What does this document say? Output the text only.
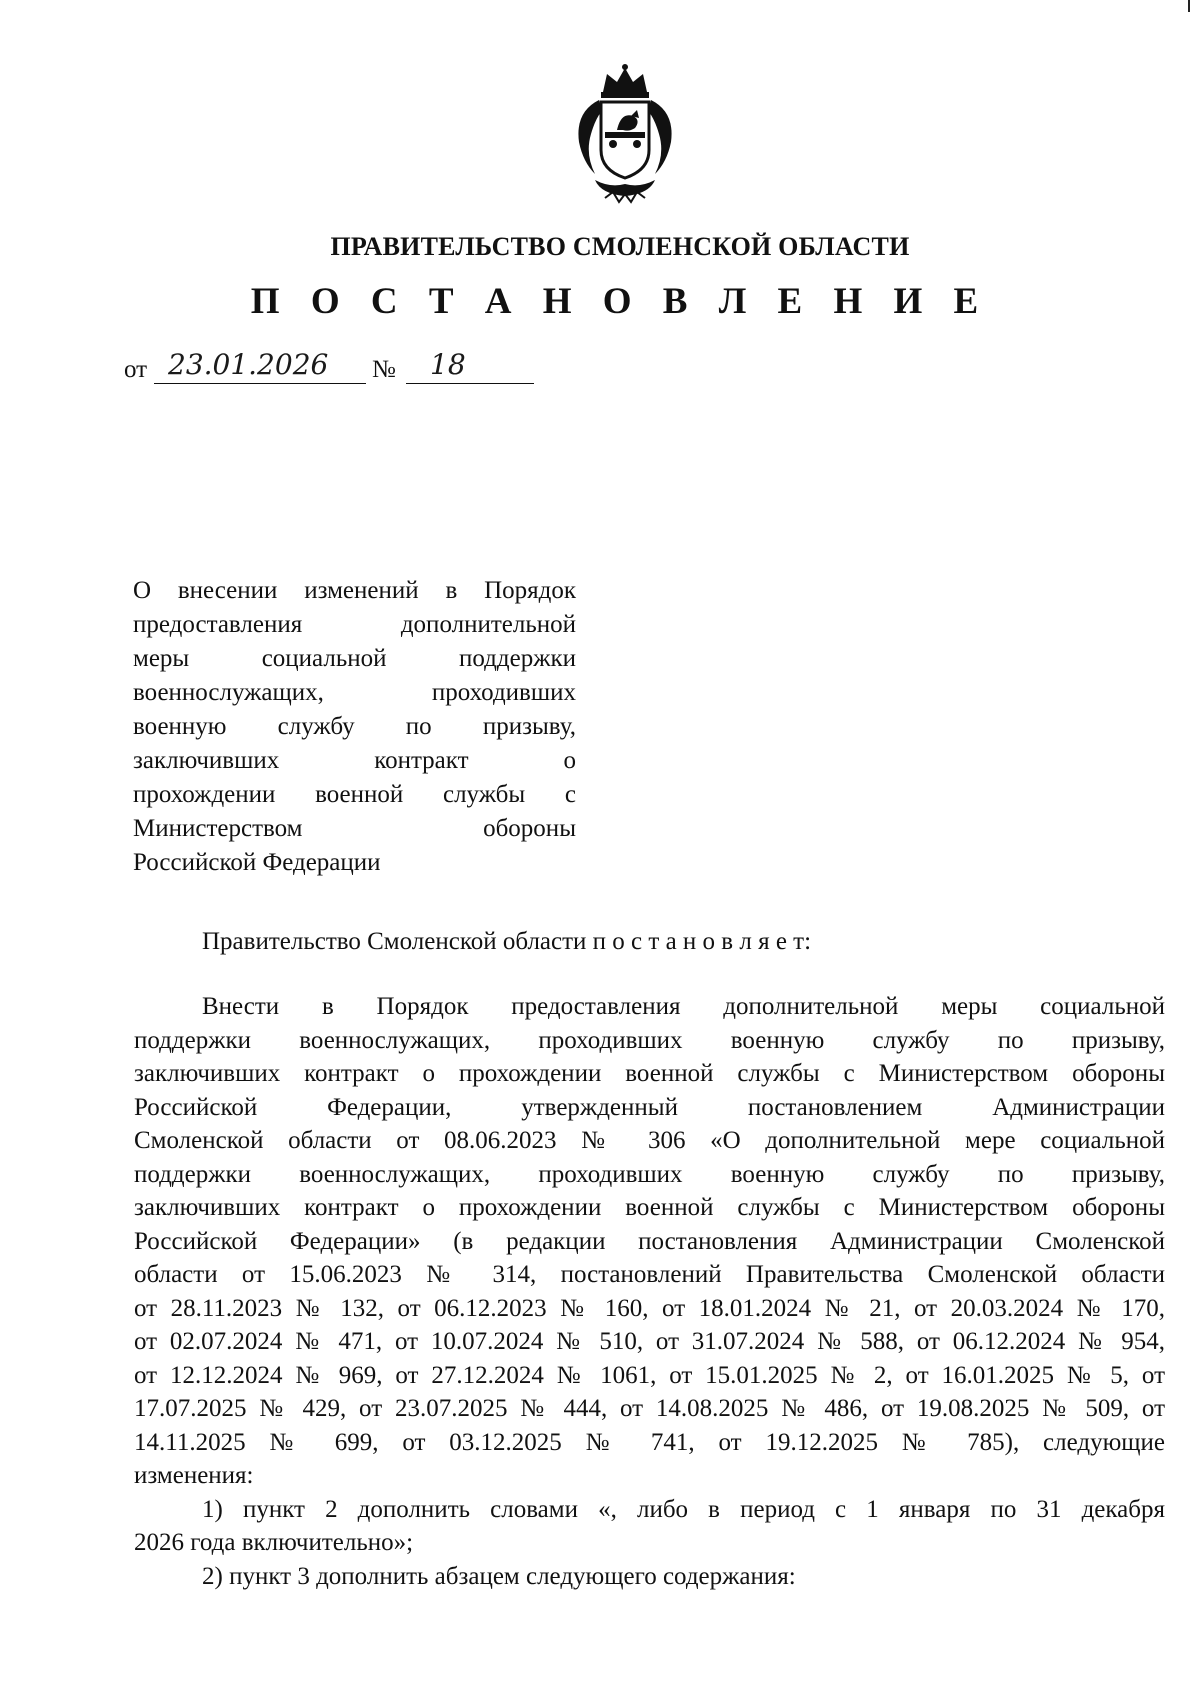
ПРАВИТЕЛЬСТВО СМОЛЕНСКОЙ ОБЛАСТИ
П О С Т А Н О В Л Е Н И Е
от 23.01.2026 № 18
О внесении изменений в Порядок
предоставления дополнительной
меры социальной поддержки
военнослужащих, проходивших
военную службу по призыву,
заключивших контракт о
прохождении военной службы с
Министерством обороны
Российской Федерации
Правительство Смоленской области п о с т а н о в л я е т:
Внести в Порядок предоставления дополнительной меры социальной
поддержки военнослужащих, проходивших военную службу по призыву,
заключивших контракт о прохождении военной службы с Министерством обороны
Российской Федерации, утвержденный постановлением Администрации
Смоленской области от 08.06.2023 № 306 «О дополнительной мере социальной
поддержки военнослужащих, проходивших военную службу по призыву,
заключивших контракт о прохождении военной службы с Министерством обороны
Российской Федерации» (в редакции постановления Администрации Смоленской
области от 15.06.2023 № 314, постановлений Правительства Смоленской области
от 28.11.2023 № 132, от 06.12.2023 № 160, от 18.01.2024 № 21, от 20.03.2024 № 170,
от 02.07.2024 № 471, от 10.07.2024 № 510, от 31.07.2024 № 588, от 06.12.2024 № 954,
от 12.12.2024 № 969, от 27.12.2024 № 1061, от 15.01.2025 № 2, от 16.01.2025 № 5, от
17.07.2025 № 429, от 23.07.2025 № 444, от 14.08.2025 № 486, от 19.08.2025 № 509, от
14.11.2025 № 699, от 03.12.2025 № 741, от 19.12.2025 № 785), следующие
изменения:
1) пункт 2 дополнить словами «, либо в период с 1 января по 31 декабря
2026 года включительно»;
2) пункт 3 дополнить абзацем следующего содержания:
